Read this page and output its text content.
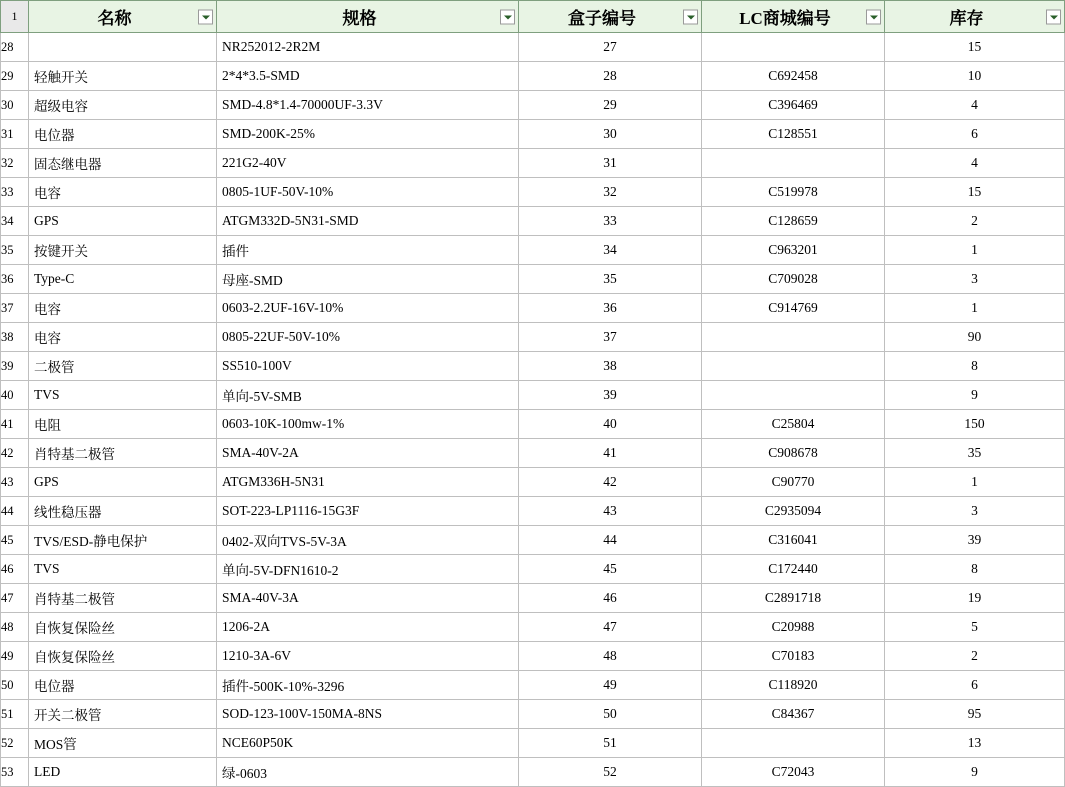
1	名称	规格	盒子编号	LC商城编号	库存

28		NR252012-2R2M	27		15
29	轻触开关	2*4*3.5-SMD	28	C692458	10
30	超级电容	SMD-4.8*1.4-70000UF-3.3V	29	C396469	4
31	电位器	SMD-200K-25%	30	C128551	6
32	固态继电器	221G2-40V	31		4
33	电容	0805-1UF-50V-10%	32	C519978	15
34	GPS	ATGM332D-5N31-SMD	33	C128659	2
35	按键开关	插件	34	C963201	1
36	Type-C	母座-SMD	35	C709028	3
37	电容	0603-2.2UF-16V-10%	36	C914769	1
38	电容	0805-22UF-50V-10%	37		90
39	二极管	SS510-100V	38		8
40	TVS	单向-5V-SMB	39		9
41	电阻	0603-10K-100mw-1%	40	C25804	150
42	肖特基二极管	SMA-40V-2A	41	C908678	35
43	GPS	ATGM336H-5N31	42	C90770	1
44	线性稳压器	SOT-223-LP1116-15G3F	43	C2935094	3
45	TVS/ESD-静电保护	0402-双向TVS-5V-3A	44	C316041	39
46	TVS	单向-5V-DFN1610-2	45	C172440	8
47	肖特基二极管	SMA-40V-3A	46	C2891718	19
48	自恢复保险丝	1206-2A	47	C20988	5
49	自恢复保险丝	1210-3A-6V	48	C70183	2
50	电位器	插件-500K-10%-3296	49	C118920	6
51	开关二极管	SOD-123-100V-150MA-8NS	50	C84367	95
52	MOS管	NCE60P50K	51		13
53	LED	绿-0603	52	C72043	9
